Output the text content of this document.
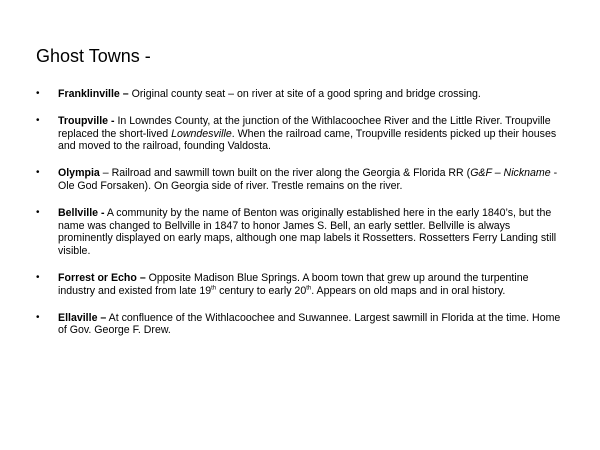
Ghost Towns -
• Franklinville – Original county seat – on river at site of a good spring and bridge crossing.
• Troupville - In Lowndes County, at the junction of the Withlacoochee River and the Little River. Troupville replaced the short-lived Lowndesville. When the railroad came, Troupville residents picked up their houses and moved to the railroad, founding Valdosta.
• Olympia – Railroad and sawmill town built on the river along the Georgia & Florida RR (G&F – Nickname - Ole God Forsaken). On Georgia side of river. Trestle remains on the river.
• Bellville - A community by the name of Benton was originally established here in the early 1840’s, but the name was changed to Bellville in 1847 to honor James S. Bell, an early settler. Bellville is always prominently displayed on early maps, although one map labels it Rossetters. Rossetters Ferry Landing still visible.
• Forrest or Echo – Opposite Madison Blue Springs. A boom town that grew up around the turpentine industry and existed from late 19th century to early 20th. Appears on old maps and in oral history.
• Ellaville – At confluence of the Withlacoochee and Suwannee. Largest sawmill in Florida at the time. Home of Gov. George F. Drew.
